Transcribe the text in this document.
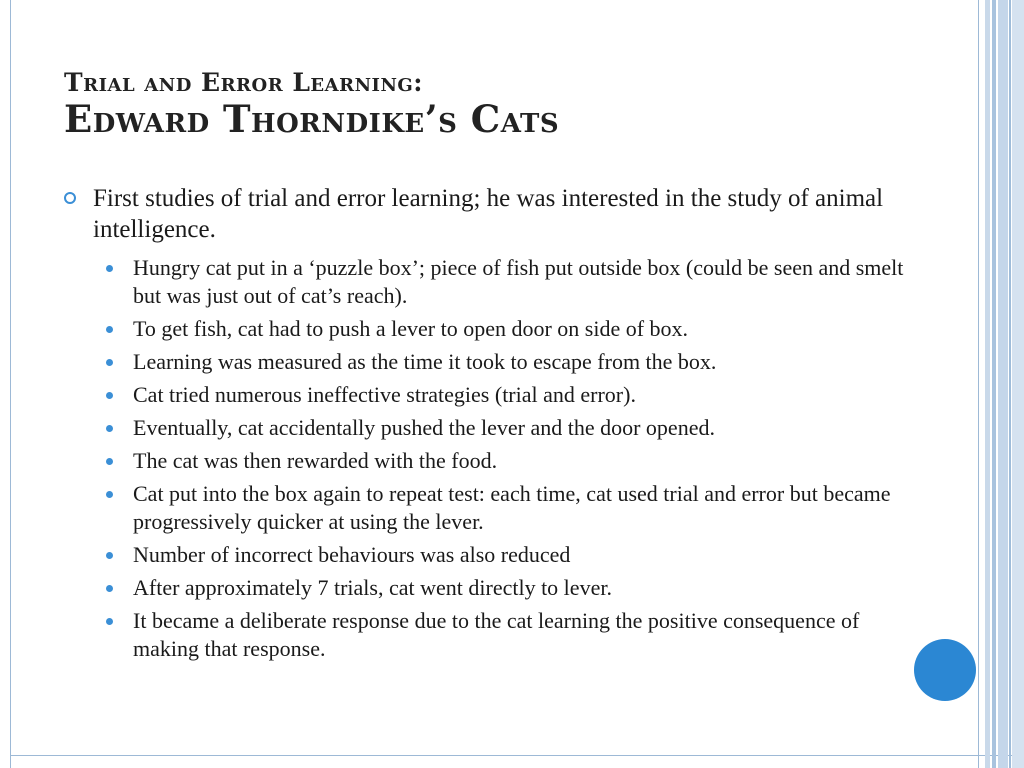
Trial and Error Learning:
Edward Thorndike’s Cats
First studies of trial and error learning; he was interested in the study of animal intelligence.
Hungry cat put in a ‘puzzle box’; piece of fish put outside box (could be seen and smelt but was just out of cat’s reach).
To get fish, cat had to push a lever to open door on side of box.
Learning was measured as the time it took to escape from the box.
Cat tried numerous ineffective strategies (trial and error).
Eventually, cat accidentally pushed the lever and the door opened.
The cat was then rewarded with the food.
Cat put into the box again to repeat test: each time, cat used trial and error but became progressively quicker at using the lever.
Number of incorrect behaviours was also reduced
After approximately 7 trials, cat went directly to lever.
It became a deliberate response due to the cat learning the positive consequence of making that response.
